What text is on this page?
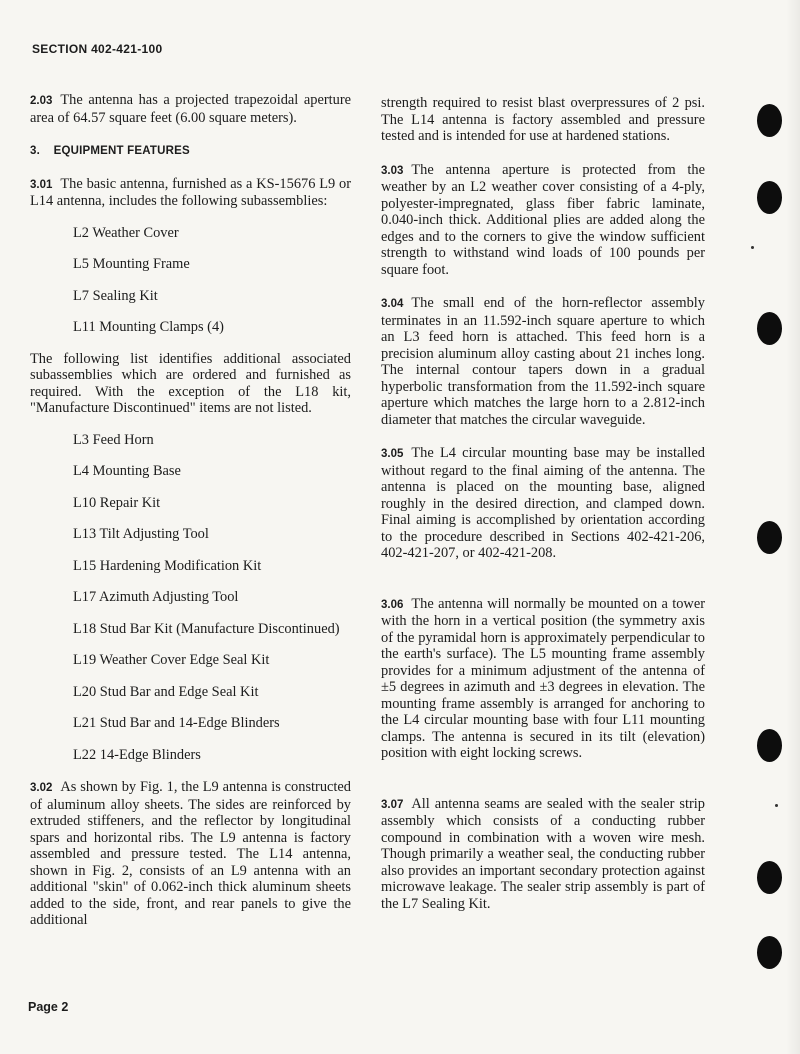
SECTION 402-421-100

2.03 The antenna has a projected trapezoidal aperture area of 64.57 square feet (6.00 square meters).

3. EQUIPMENT FEATURES

3.01 The basic antenna, furnished as a KS-15676 L9 or L14 antenna, includes the following subassemblies:

L2 Weather Cover
L5 Mounting Frame
L7 Sealing Kit
L11 Mounting Clamps (4)

The following list identifies additional associated subassemblies which are ordered and furnished as required. With the exception of the L18 kit, "Manufacture Discontinued" items are not listed.

L3 Feed Horn
L4 Mounting Base
L10 Repair Kit
L13 Tilt Adjusting Tool
L15 Hardening Modification Kit
L17 Azimuth Adjusting Tool
L18 Stud Bar Kit (Manufacture Discontinued)
L19 Weather Cover Edge Seal Kit
L20 Stud Bar and Edge Seal Kit
L21 Stud Bar and 14-Edge Blinders
L22 14-Edge Blinders

3.02 As shown by Fig. 1, the L9 antenna is constructed of aluminum alloy sheets. The sides are reinforced by extruded stiffeners, and the reflector by longitudinal spars and horizontal ribs. The L9 antenna is factory assembled and pressure tested. The L14 antenna, shown in Fig. 2, consists of an L9 antenna with an additional "skin" of 0.062-inch thick aluminum sheets added to the side, front, and rear panels to give the additional

strength required to resist blast overpressures of 2 psi. The L14 antenna is factory assembled and pressure tested and is intended for use at hardened stations.

3.03 The antenna aperture is protected from the weather by an L2 weather cover consisting of a 4-ply, polyester-impregnated, glass fiber fabric laminate, 0.040-inch thick. Additional plies are added along the edges and to the corners to give the window sufficient strength to withstand wind loads of 100 pounds per square foot.

3.04 The small end of the horn-reflector assembly terminates in an 11.592-inch square aperture to which an L3 feed horn is attached. This feed horn is a precision aluminum alloy casting about 21 inches long. The internal contour tapers down in a gradual hyperbolic transformation from the 11.592-inch square aperture which matches the large horn to a 2.812-inch diameter that matches the circular waveguide.

3.05 The L4 circular mounting base may be installed without regard to the final aiming of the antenna. The antenna is placed on the mounting base, aligned roughly in the desired direction, and clamped down. Final aiming is accomplished by orientation according to the procedure described in Sections 402-421-206, 402-421-207, or 402-421-208.

3.06 The antenna will normally be mounted on a tower with the horn in a vertical position (the symmetry axis of the pyramidal horn is approximately perpendicular to the earth's surface). The L5 mounting frame assembly provides for a minimum adjustment of the antenna of ±5 degrees in azimuth and ±3 degrees in elevation. The mounting frame assembly is arranged for anchoring to the L4 circular mounting base with four L11 mounting clamps. The antenna is secured in its tilt (elevation) position with eight locking screws.

3.07 All antenna seams are sealed with the sealer strip assembly which consists of a conducting rubber compound in combination with a woven wire mesh. Though primarily a weather seal, the conducting rubber also provides an important secondary protection against microwave leakage. The sealer strip assembly is part of the L7 Sealing Kit.

Page 2
